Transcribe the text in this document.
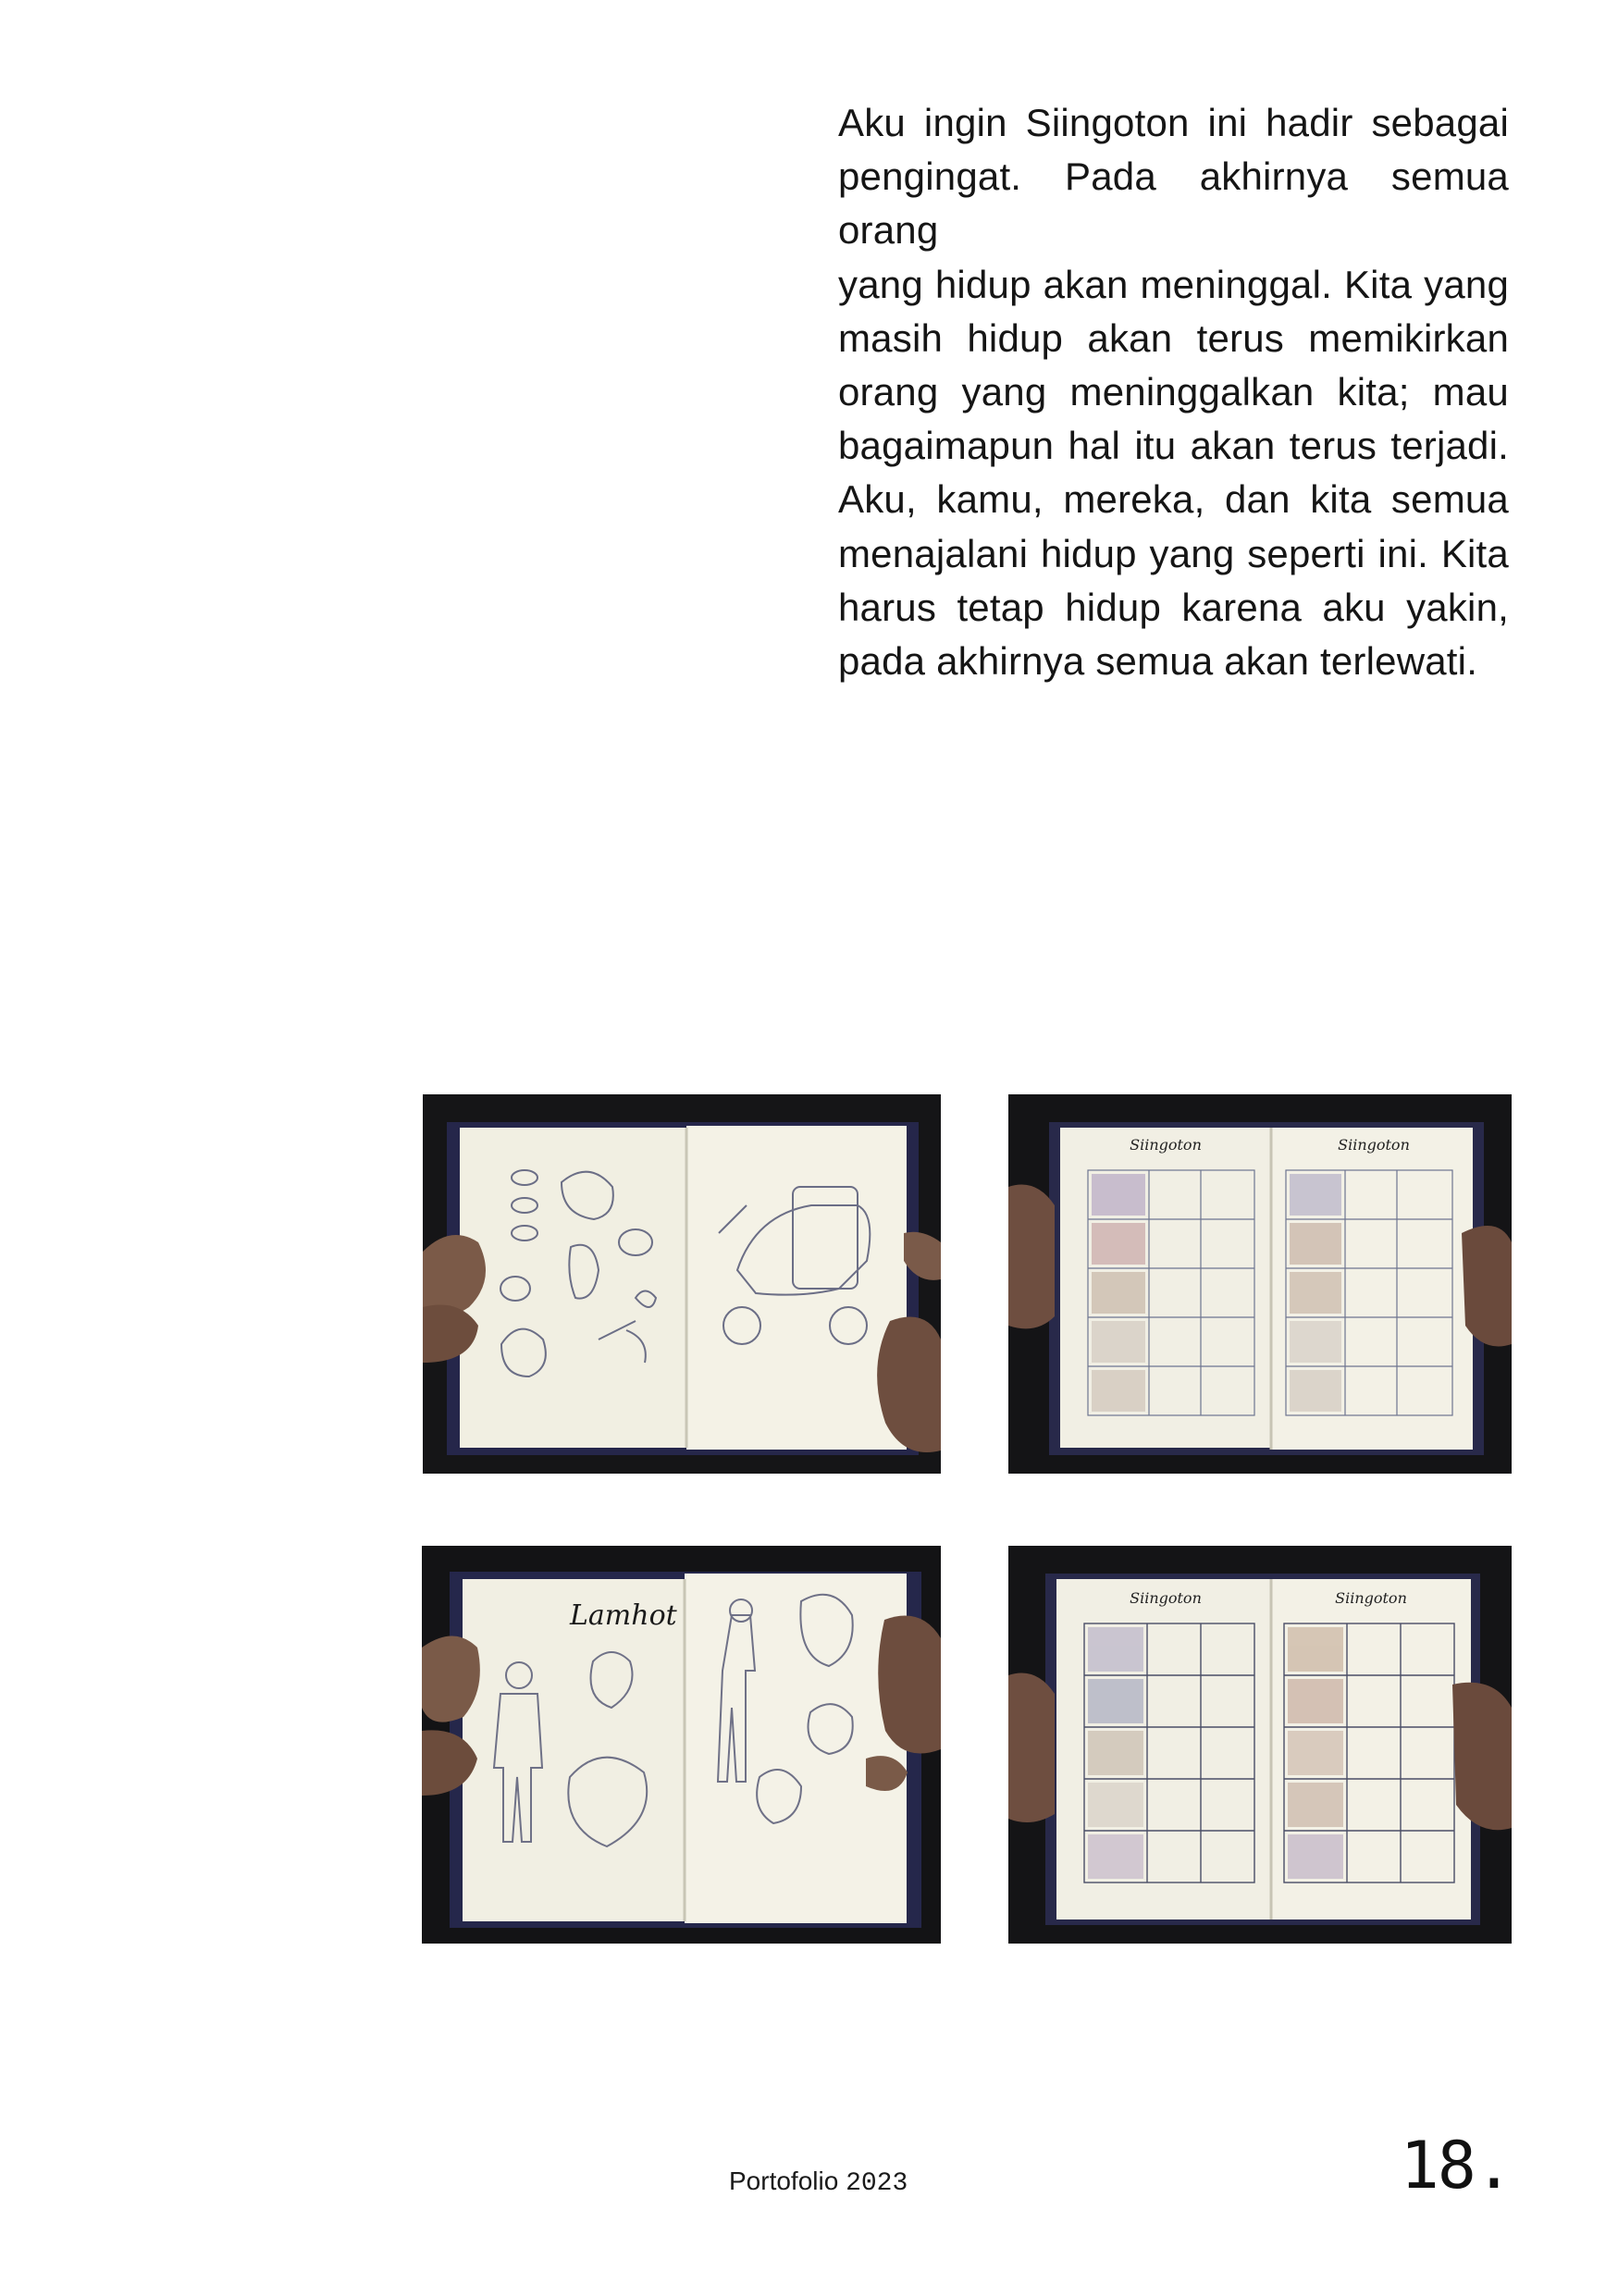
Aku ingin Siingoton ini hadir sebagai
pengingat. Pada akhirnya semua orang
yang hidup akan meninggal. Kita yang
masih hidup akan terus memikirkan
orang yang meninggalkan kita; mau
bagaimapun hal itu akan terus terjadi.
Aku, kamu, mereka, dan kita semua
menajalani hidup yang seperti ini. Kita
harus tetap hidup karena aku yakin,
pada akhirnya semua akan terlewati.
Siingoton	Siingoton
Lamhot
Siingoton	Siingoton
Portofolio 2023	18.
